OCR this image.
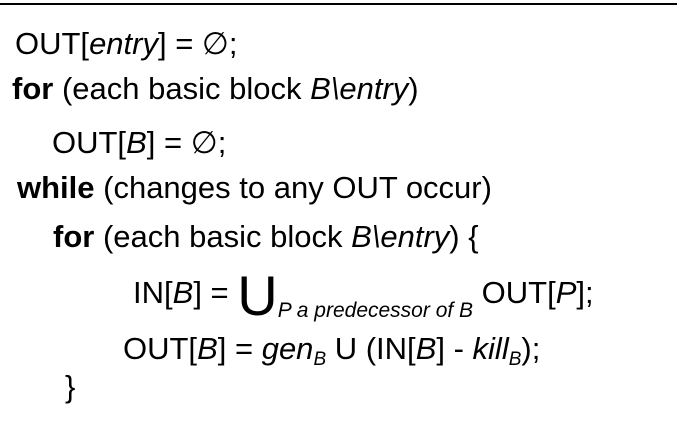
OUT[entry] = ∅;
for (each basic block B\entry)
OUT[B] = ∅;
while (changes to any OUT occur)
for (each basic block B\entry) {
$IN[B] = U_{P a predecessor of B}$ OUT[P];
OUT[B] = genB U (IN[B] - killB);
}
